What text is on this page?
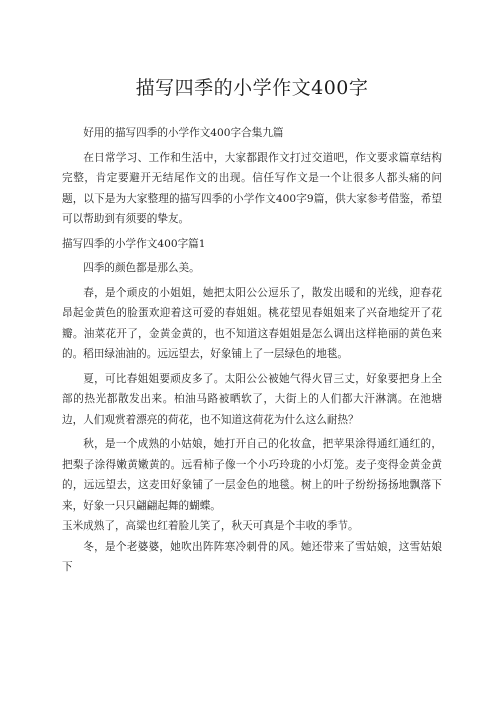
描写四季的小学作文400字

好用的描写四季的小学作文400字合集九篇

在日常学习、工作和生活中，大家都跟作文打过交道吧，作文要求篇章结构完整，肯定要避开无结尾作文的出现。信任写作文是一个让很多人都头痛的问题，以下是为大家整理的描写四季的小学作文400字9篇，供大家参考借鉴，希望可以帮助到有须要的挚友。

描写四季的小学作文400字篇1

四季的颜色都是那么美。

春，是个顽皮的小姐姐，她把太阳公公逗乐了，散发出暖和的光线，迎春花昂起金黄色的脸蛋欢迎着这可爱的春姐姐。桃花望见春姐姐来了兴奋地绽开了花瓣。油菜花开了，金黄金黄的，也不知道这春姐姐是怎么调出这样艳丽的黄色来的。稻田绿油油的。远远望去，好象铺上了一层绿色的地毯。

夏，可比春姐姐要顽皮多了。太阳公公被她气得火冒三丈，好象要把身上全部的热光都散发出来。柏油马路被晒软了，大街上的人们都大汗淋漓。在池塘边，人们观赏着漂亮的荷花，也不知道这荷花为什么这么耐热？

秋，是一个成熟的小姑娘，她打开自己的化妆盒，把苹果涂得通红通红的，把梨子涂得嫩黄嫩黄的。远看柿子像一个小巧玲珑的小灯笼。麦子变得金黄金黄的，远远望去，这麦田好象铺了一层金色的地毯。树上的叶子纷纷扬扬地飘落下来，好象一只只翩翩起舞的蝴蝶。

玉米成熟了，高粱也红着脸儿笑了，秋天可真是个丰收的季节。

冬，是个老婆婆，她吹出阵阵寒冷刺骨的风。她还带来了雪姑娘，这雪姑娘下
